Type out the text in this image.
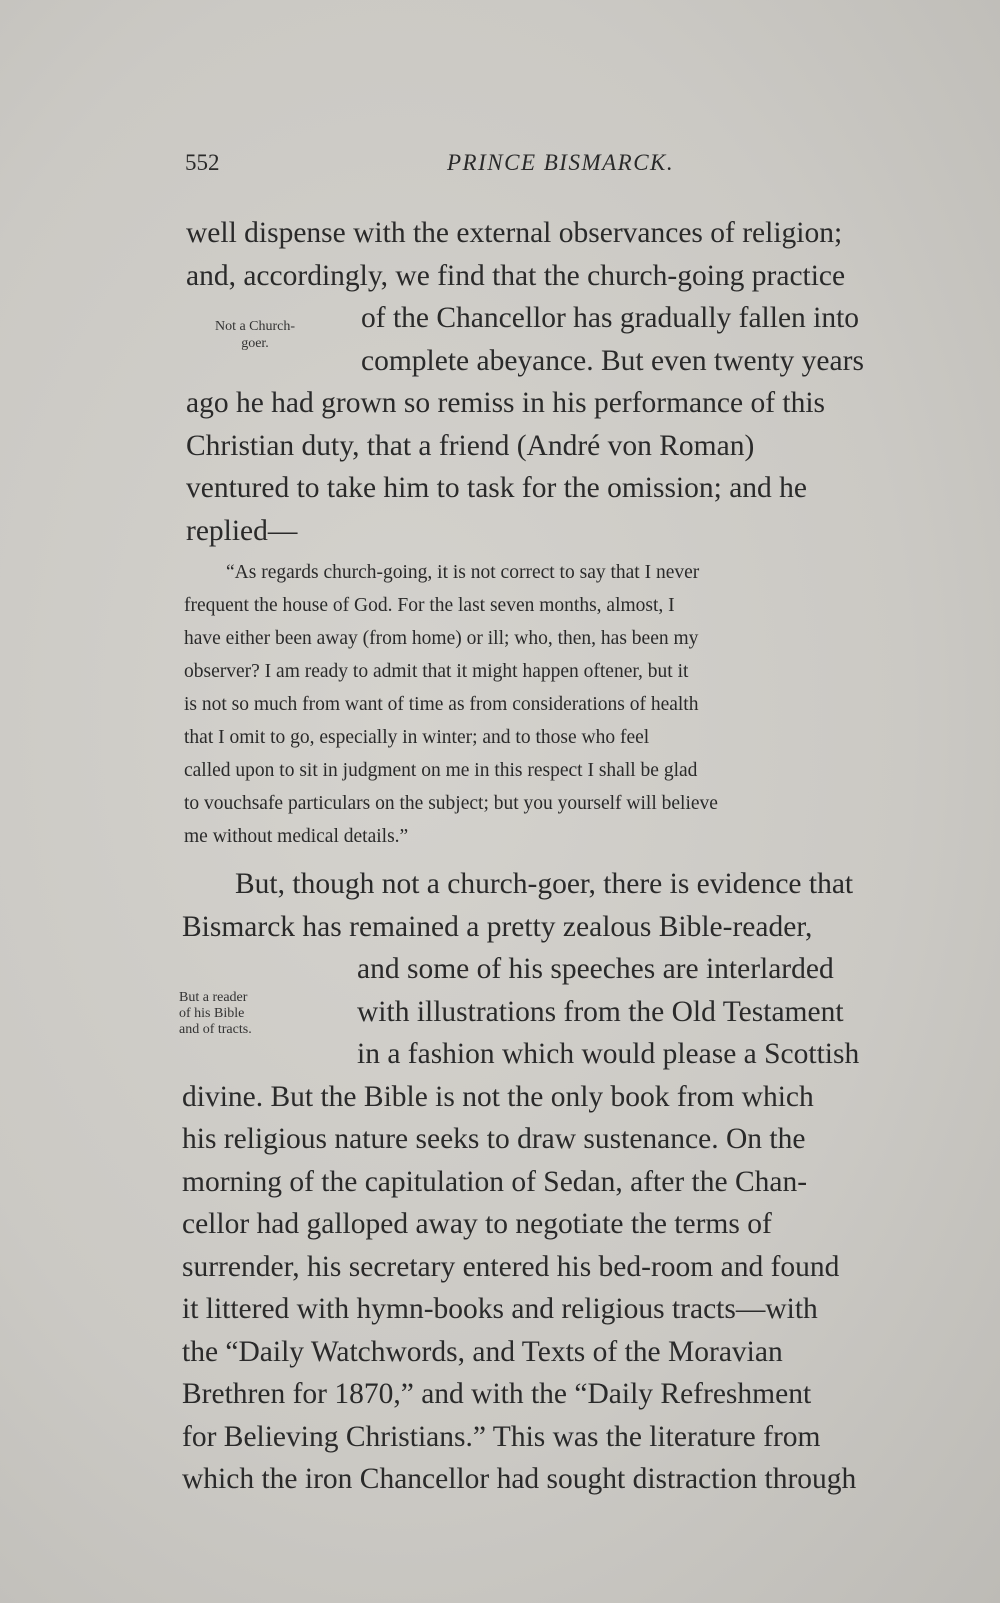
552	PRINCE BISMARCK.
well dispense with the external observances of religion;
and, accordingly, we find that the church-going practice
of the Chancellor has gradually fallen into
complete abeyance. But even twenty years
ago he had grown so remiss in his performance of this
Christian duty, that a friend (André von Roman)
ventured to take him to task for the omission; and he
replied—
Not a Church-
goer.
“As regards church-going, it is not correct to say that I never
frequent the house of God. For the last seven months, almost, I
have either been away (from home) or ill; who, then, has been my
observer? I am ready to admit that it might happen oftener, but it
is not so much from want of time as from considerations of health
that I omit to go, especially in winter; and to those who feel
called upon to sit in judgment on me in this respect I shall be glad
to vouchsafe particulars on the subject; but you yourself will believe
me without medical details.”
But, though not a church-goer, there is evidence that
Bismarck has remained a pretty zealous Bible-reader,
and some of his speeches are interlarded
with illustrations from the Old Testament
in a fashion which would please a Scottish
divine. But the Bible is not the only book from which
his religious nature seeks to draw sustenance. On the
morning of the capitulation of Sedan, after the Chan-
cellor had galloped away to negotiate the terms of
surrender, his secretary entered his bed-room and found
it littered with hymn-books and religious tracts—with
the “Daily Watchwords, and Texts of the Moravian
Brethren for 1870,” and with the “Daily Refreshment
for Believing Christians.” This was the literature from
which the iron Chancellor had sought distraction through
But a reader
of his Bible
and of tracts.
